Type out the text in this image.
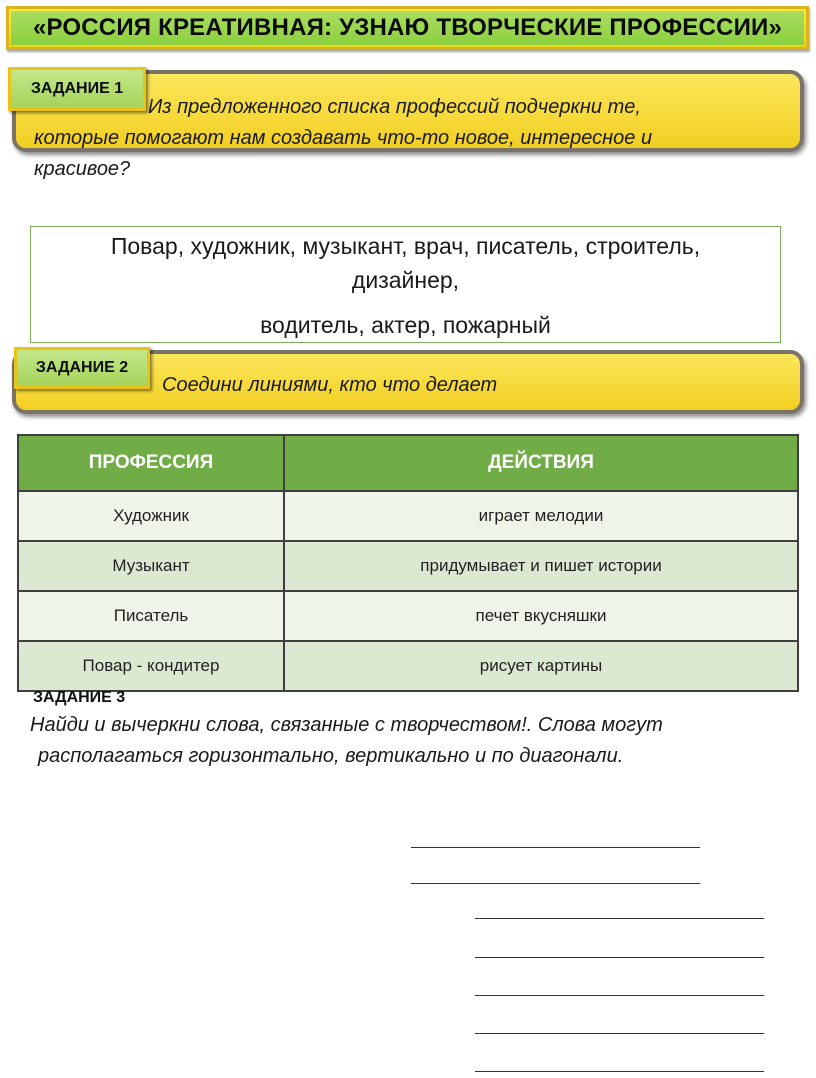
«РОССИЯ КРЕАТИВНАЯ: УЗНАЮ ТВОРЧЕСКИЕ ПРОФЕССИИ»
ЗАДАНИЕ 1
Из предложенного списка профессий подчеркни те,
которые помогают нам создавать что-то новое, интересное и
красивое?
Повар, художник, музыкант, врач, писатель, строитель,
дизайнер,
водитель, актер, пожарный
ЗАДАНИЕ 2
Соедини линиями, кто что делает
ПРОФЕССИЯ	ДЕЙСТВИЯ
Художник	играет мелодии
Музыкант	придумывает и пишет истории
Писатель	печет вкусняшки
Повар - кондитер	рисует картины
ЗАДАНИЕ 3
Найди и вычеркни слова, связанные с творчеством!. Слова могут
располагаться горизонтально, вертикально и по диагонали.
